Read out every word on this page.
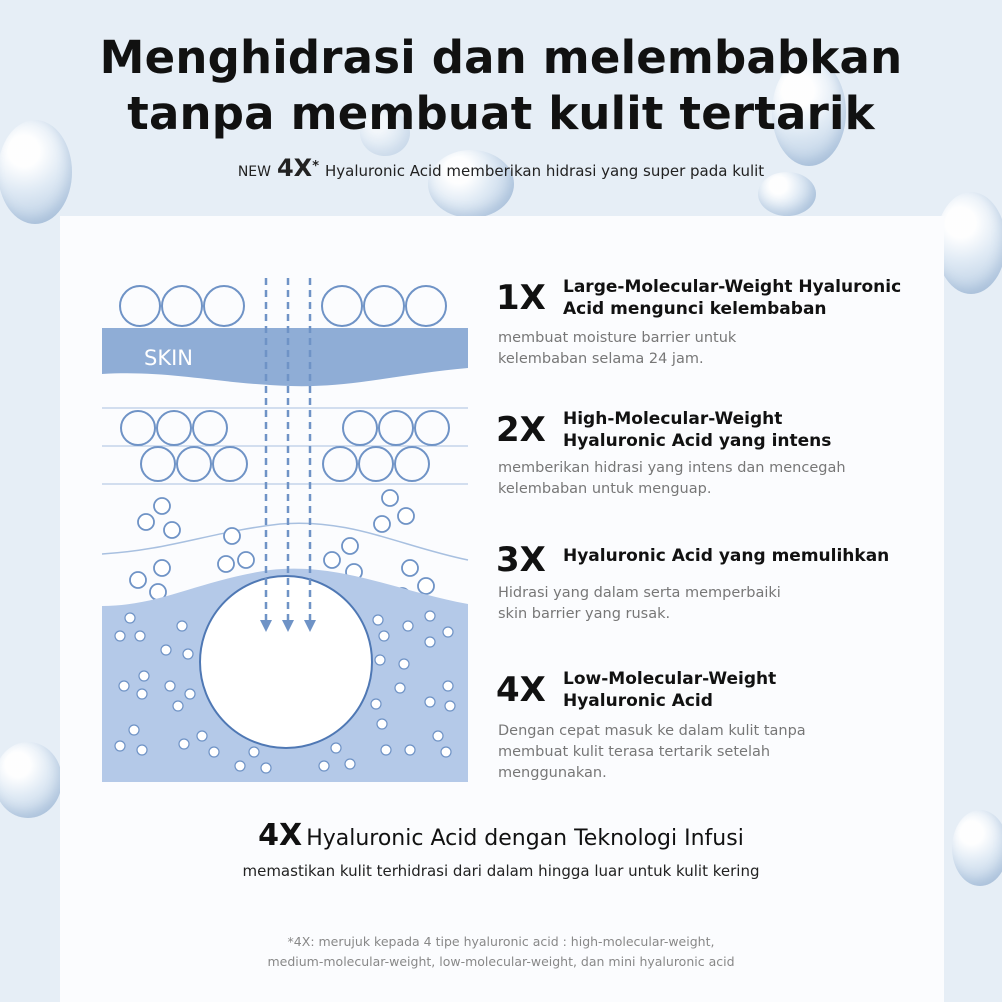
Menghidrasi dan melembabkan
tanpa membuat kulit tertarik
NEW 4X* Hyaluronic Acid memberikan hidrasi yang super pada kulit
SKIN
1X Large-Molecular-Weight Hyaluronic
Acid mengunci kelembaban
membuat moisture barrier untuk
kelembaban selama 24 jam.
2X High-Molecular-Weight
Hyaluronic Acid yang intens
memberikan hidrasi yang intens dan mencegah
kelembaban untuk menguap.
3X Hyaluronic Acid yang memulihkan
Hidrasi yang dalam serta memperbaiki
skin barrier yang rusak.
4X Low-Molecular-Weight
Hyaluronic Acid
Dengan cepat masuk ke dalam kulit tanpa
membuat kulit terasa tertarik setelah
menggunakan.
4X Hyaluronic Acid dengan Teknologi Infusi
memastikan kulit terhidrasi dari dalam hingga luar untuk kulit kering
*4X: merujuk kepada 4 tipe hyaluronic acid : high-molecular-weight,
medium-molecular-weight, low-molecular-weight, dan mini hyaluronic acid
